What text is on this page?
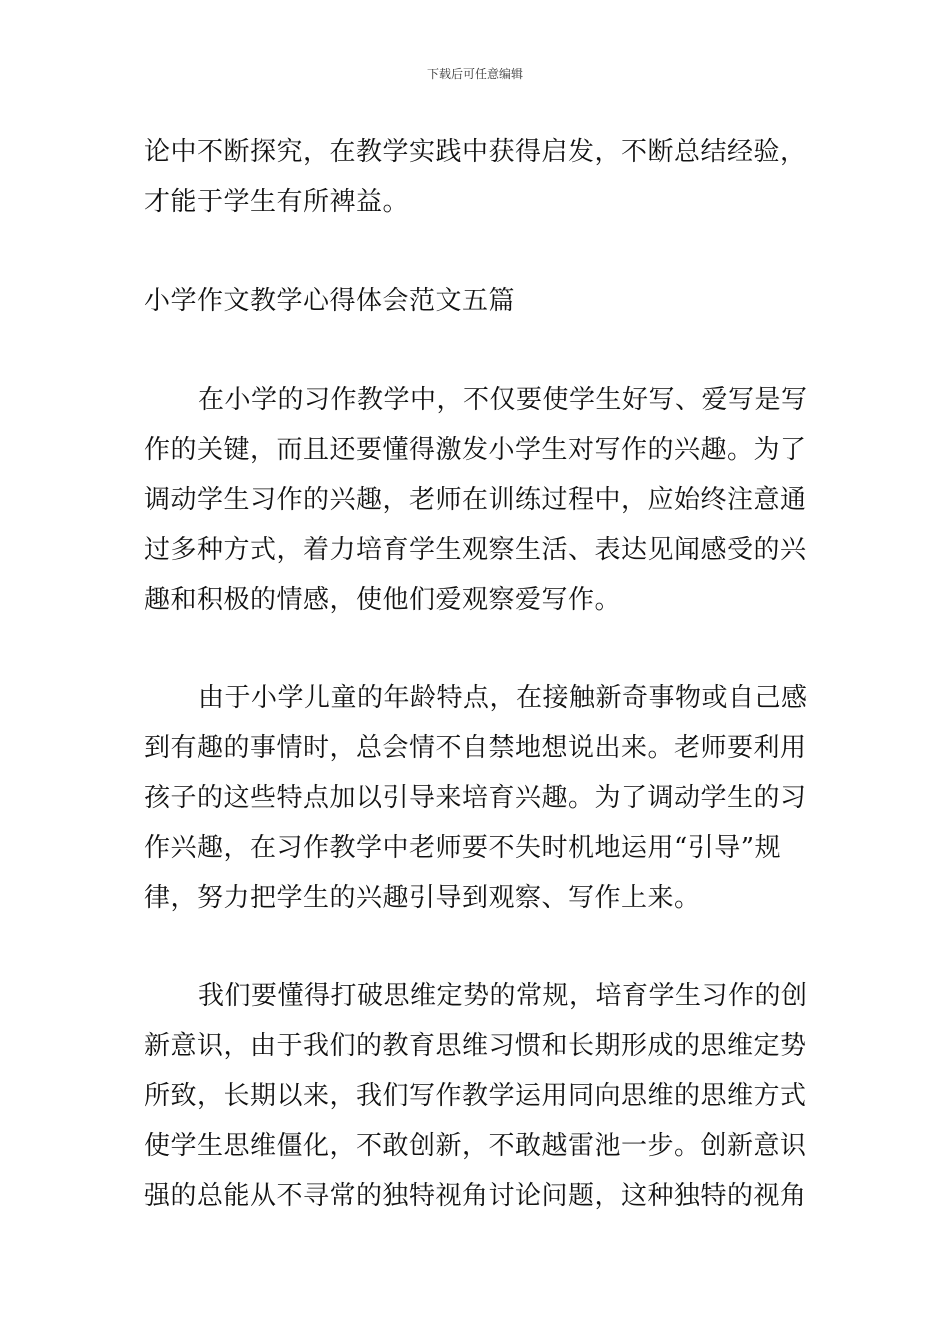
下载后可任意编辑

论中不断探究，在教学实践中获得启发，不断总结经验，才能于学生有所裨益。

小学作文教学心得体会范文五篇

在小学的习作教学中，不仅要使学生好写、爱写是写作的关键，而且还要懂得激发小学生对写作的兴趣。为了调动学生习作的兴趣，老师在训练过程中，应始终注意通过多种方式，着力培育学生观察生活、表达见闻感受的兴趣和积极的情感，使他们爱观察爱写作。

由于小学儿童的年龄特点，在接触新奇事物或自己感到有趣的事情时，总会情不自禁地想说出来。老师要利用孩子的这些特点加以引导来培育兴趣。为了调动学生的习作兴趣，在习作教学中老师要不失时机地运用“引导”规律，努力把学生的兴趣引导到观察、写作上来。

我们要懂得打破思维定势的常规，培育学生习作的创新意识，由于我们的教育思维习惯和长期形成的思维定势所致，长期以来，我们写作教学运用同向思维的思维方式使学生思维僵化，不敢创新，不敢越雷池一步。创新意识强的总能从不寻常的独特视角讨论问题，这种独特的视角
